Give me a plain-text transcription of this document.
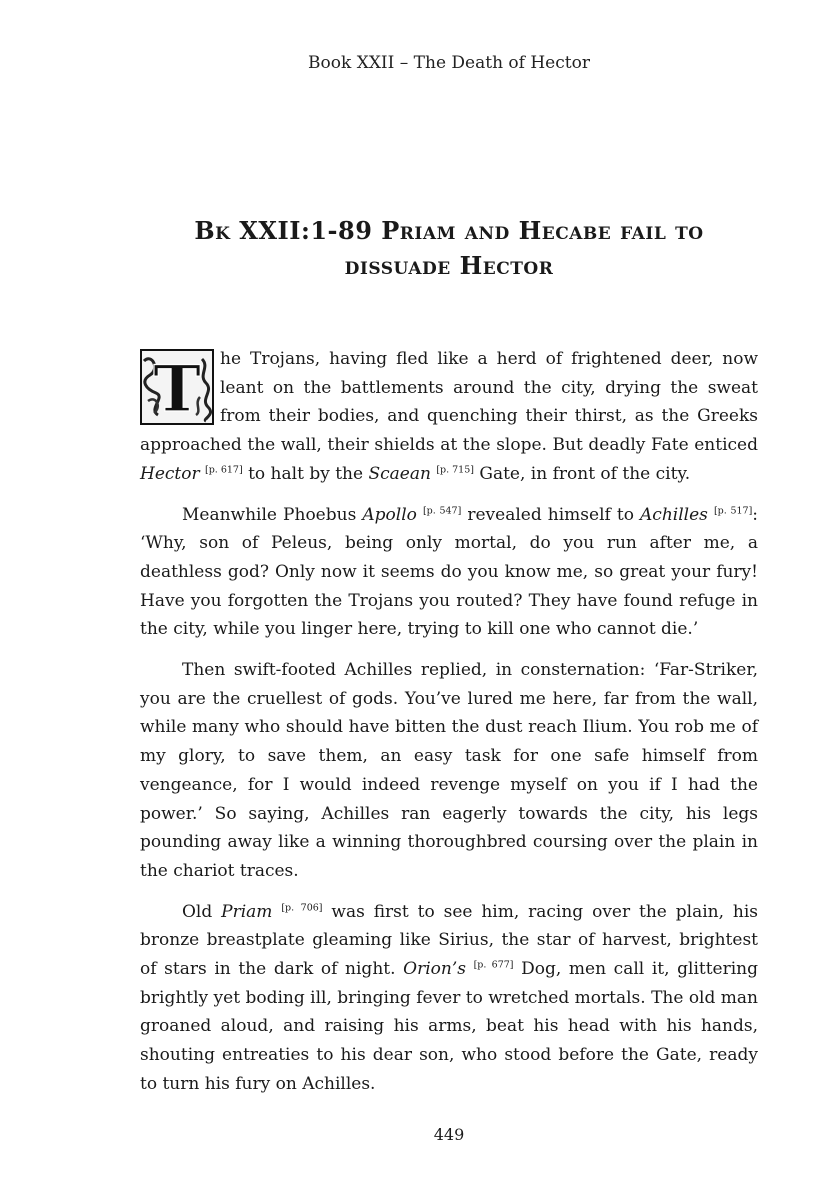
Book XXII – The Death of Hector
Bk XXII:1-89 Priam and Hecabe fail to dissuade Hector

T he Trojans, having fled like a herd of frightened deer, now leant on the battlements around the city, drying the sweat from their bodies, and quenching their thirst, as the Greeks approached the wall, their shields at the slope. But deadly Fate enticed Hector [p. 617] to halt by the Scaean [p. 715] Gate, in front of the city.

Meanwhile Phoebus Apollo [p. 547] revealed himself to Achilles [p. 517]: ‘Why, son of Peleus, being only mortal, do you run after me, a deathless god? Only now it seems do you know me, so great your fury! Have you forgotten the Trojans you routed? They have found refuge in the city, while you linger here, trying to kill one who cannot die.’

Then swift-footed Achilles replied, in consternation: ‘Far-Striker, you are the cruellest of gods. You’ve lured me here, far from the wall, while many who should have bitten the dust reach Ilium. You rob me of my glory, to save them, an easy task for one safe himself from vengeance, for I would indeed revenge myself on you if I had the power.’ So saying, Achilles ran eagerly towards the city, his legs pounding away like a winning thoroughbred coursing over the plain in the chariot traces.

Old Priam [p. 706] was first to see him, racing over the plain, his bronze breastplate gleaming like Sirius, the star of harvest, brightest of stars in the dark of night. Orion’s [p. 677] Dog, men call it, glittering brightly yet boding ill, bringing fever to wretched mortals. The old man groaned aloud, and raising his arms, beat his head with his hands, shouting entreaties to his dear son, who stood before the Gate, ready to turn his fury on Achilles.

449
